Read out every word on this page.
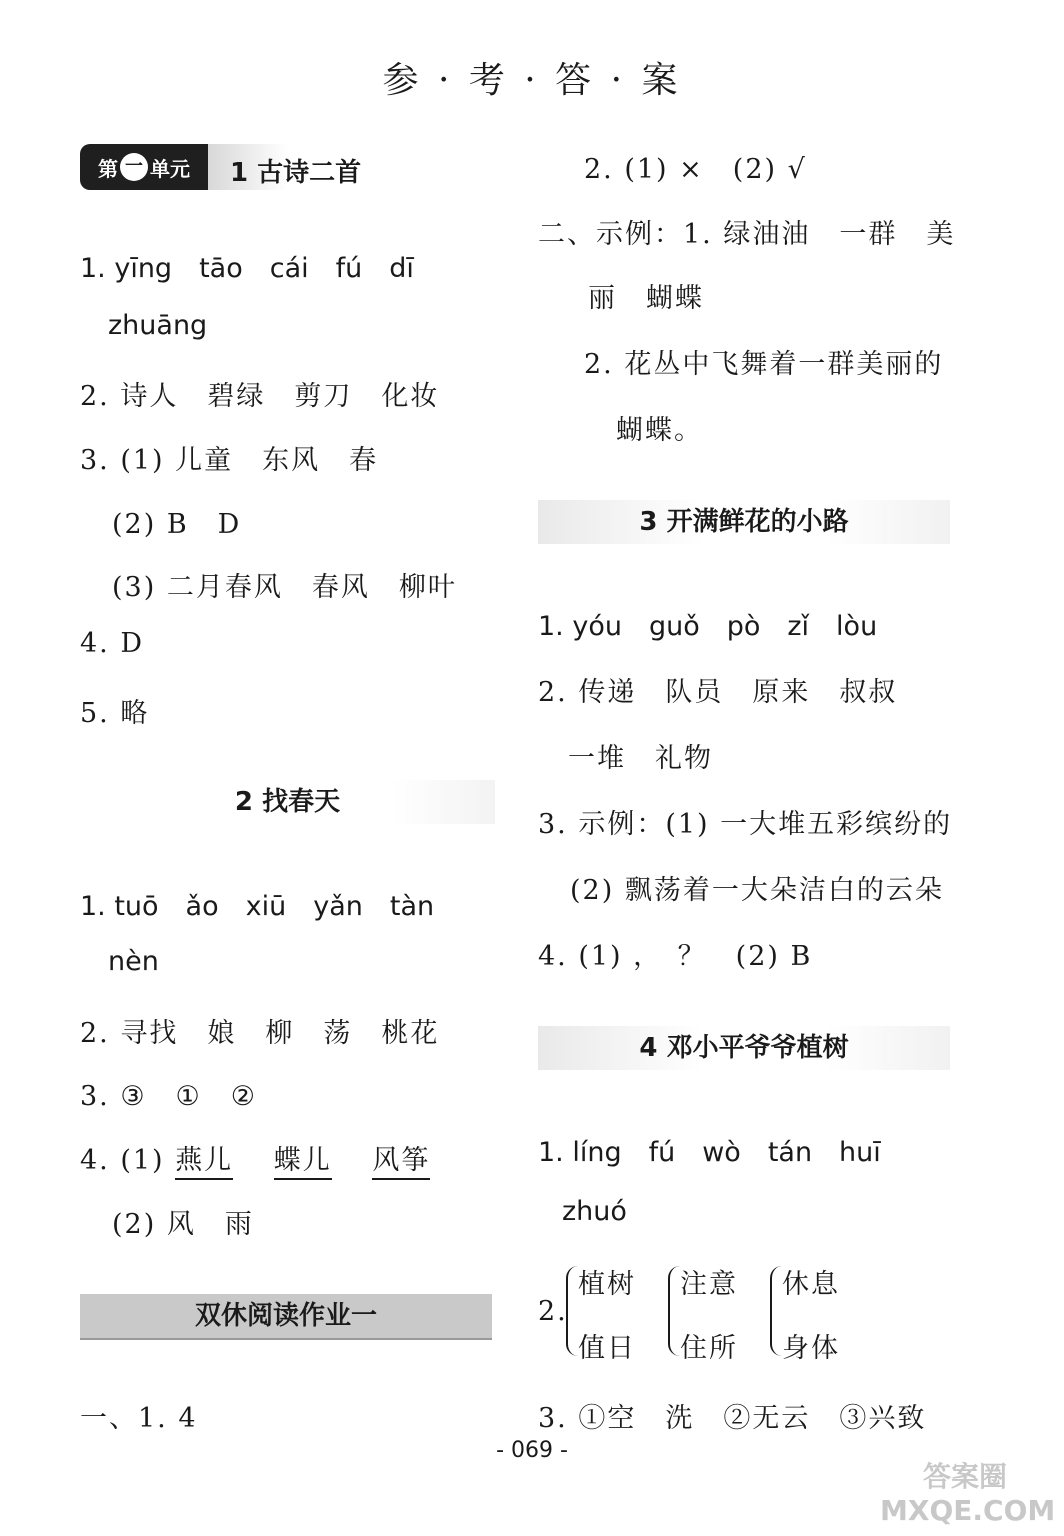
参 · 考 · 答 · 案
第 一 单元 1 古诗二首
1. yīng　tāo　cái　fú　dī
zhuāng
2. 诗人　碧绿　剪刀　化妆
3. (1) 儿童　东风　春
(2) B　D
(3) 二月春风　春风　柳叶
4. D
5. 略
2 找春天
1. tuō　ǎo　xiū　yǎn　tàn
nèn
2. 寻找　娘　柳　荡　桃花
3. ③　①　②
4. (1) 燕儿 蝶儿 风筝
(2) 风　雨
双休阅读作业一
一、1. 4
2. (1) ×　(2) √
二、示例：1. 绿油油　一群　美
丽　蝴蝶
2. 花丛中飞舞着一群美丽的
蝴蝶。
3 开满鲜花的小路
1. yóu　guǒ　pò　zǐ　lòu
2. 传递　队员　原来　叔叔
一堆　礼物
3. 示例：(1) 一大堆五彩缤纷的
(2) 飘荡着一大朵洁白的云朵
4. (1) ，　？　(2) B
4 邓小平爷爷植树
1. líng　fú　wò　tán　huī
zhuó
2.
植树
值日
注意
住所
休息
身体
3. ①空　洗　②无云　③兴致
- 069 -
答案圈
MXQE.COM
